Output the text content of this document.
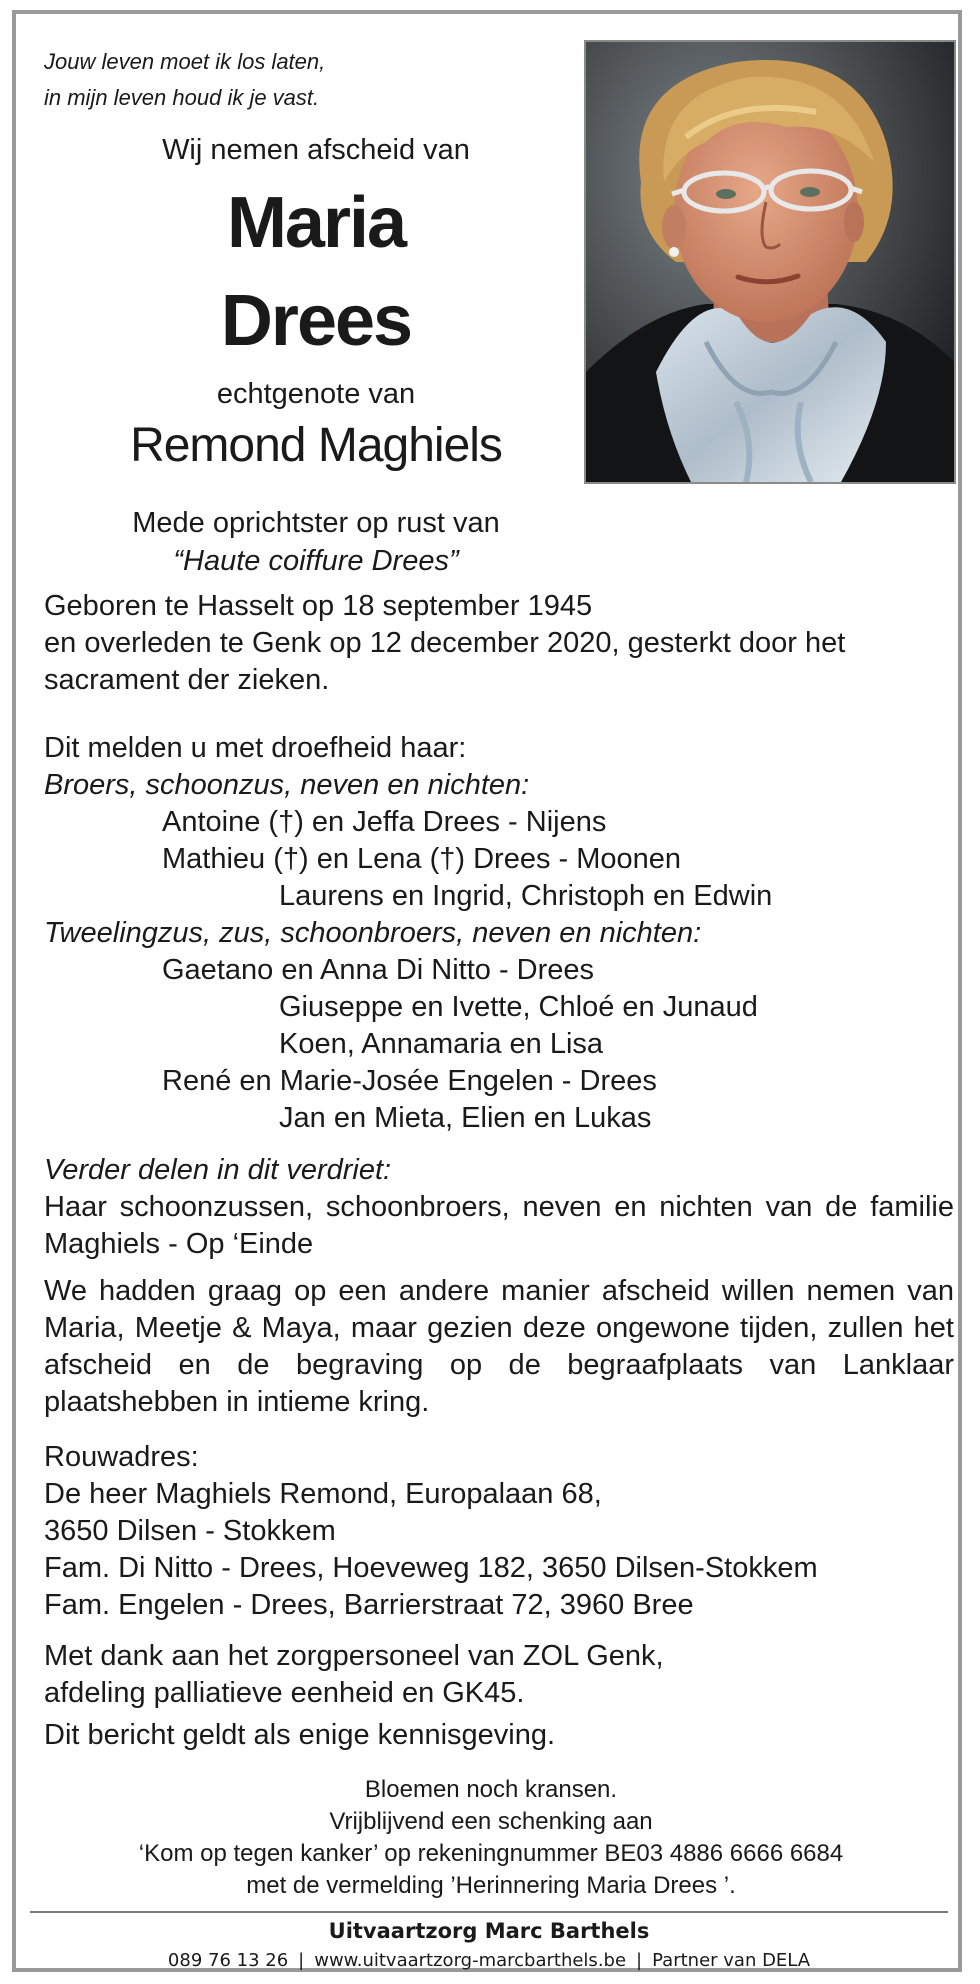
Jouw leven moet ik los laten,
in mijn leven houd ik je vast.
Wij nemen afscheid van
Maria
Drees
echtgenote van
Remond Maghiels
Mede oprichtster op rust van
“Haute coiffure Drees”
Geboren te Hasselt op 18 september 1945
en overleden te Genk op 12 december 2020, gesterkt door het
sacrament der zieken.
Dit melden u met droefheid haar:
Broers, schoonzus, neven en nichten:
Antoine (†) en Jeffa Drees - Nijens
Mathieu (†) en Lena (†) Drees - Moonen
Laurens en Ingrid, Christoph en Edwin
Tweelingzus, zus, schoonbroers, neven en nichten:
Gaetano en Anna Di Nitto - Drees
Giuseppe en Ivette, Chloé en Junaud
Koen, Annamaria en Lisa
René en Marie-Josée Engelen - Drees
Jan en Mieta, Elien en Lukas
Verder delen in dit verdriet:
Haar schoonzussen, schoonbroers, neven en nichten van de familie Maghiels - Op ‘Einde
We hadden graag op een andere manier afscheid willen nemen van Maria, Meetje & Maya, maar gezien deze ongewone tijden, zullen het afscheid en de begraving op de begraafplaats van Lanklaar plaatshebben in intieme kring.
Rouwadres:
De heer Maghiels Remond, Europalaan 68,
3650 Dilsen - Stokkem
Fam. Di Nitto - Drees, Hoeveweg 182, 3650 Dilsen-Stokkem
Fam. Engelen - Drees, Barrierstraat 72, 3960 Bree
Met dank aan het zorgpersoneel van ZOL Genk,
afdeling palliatieve eenheid en GK45.
Dit bericht geldt als enige kennisgeving.
Bloemen noch kransen.
Vrijblijvend een schenking aan
‘Kom op tegen kanker’ op rekeningnummer BE03 4886 6666 6684
met de vermelding ’Herinnering Maria Drees ’.
Uitvaartzorg Marc Barthels
089 76 13 26 | www.uitvaartzorg-marcbarthels.be | Partner van DELA
